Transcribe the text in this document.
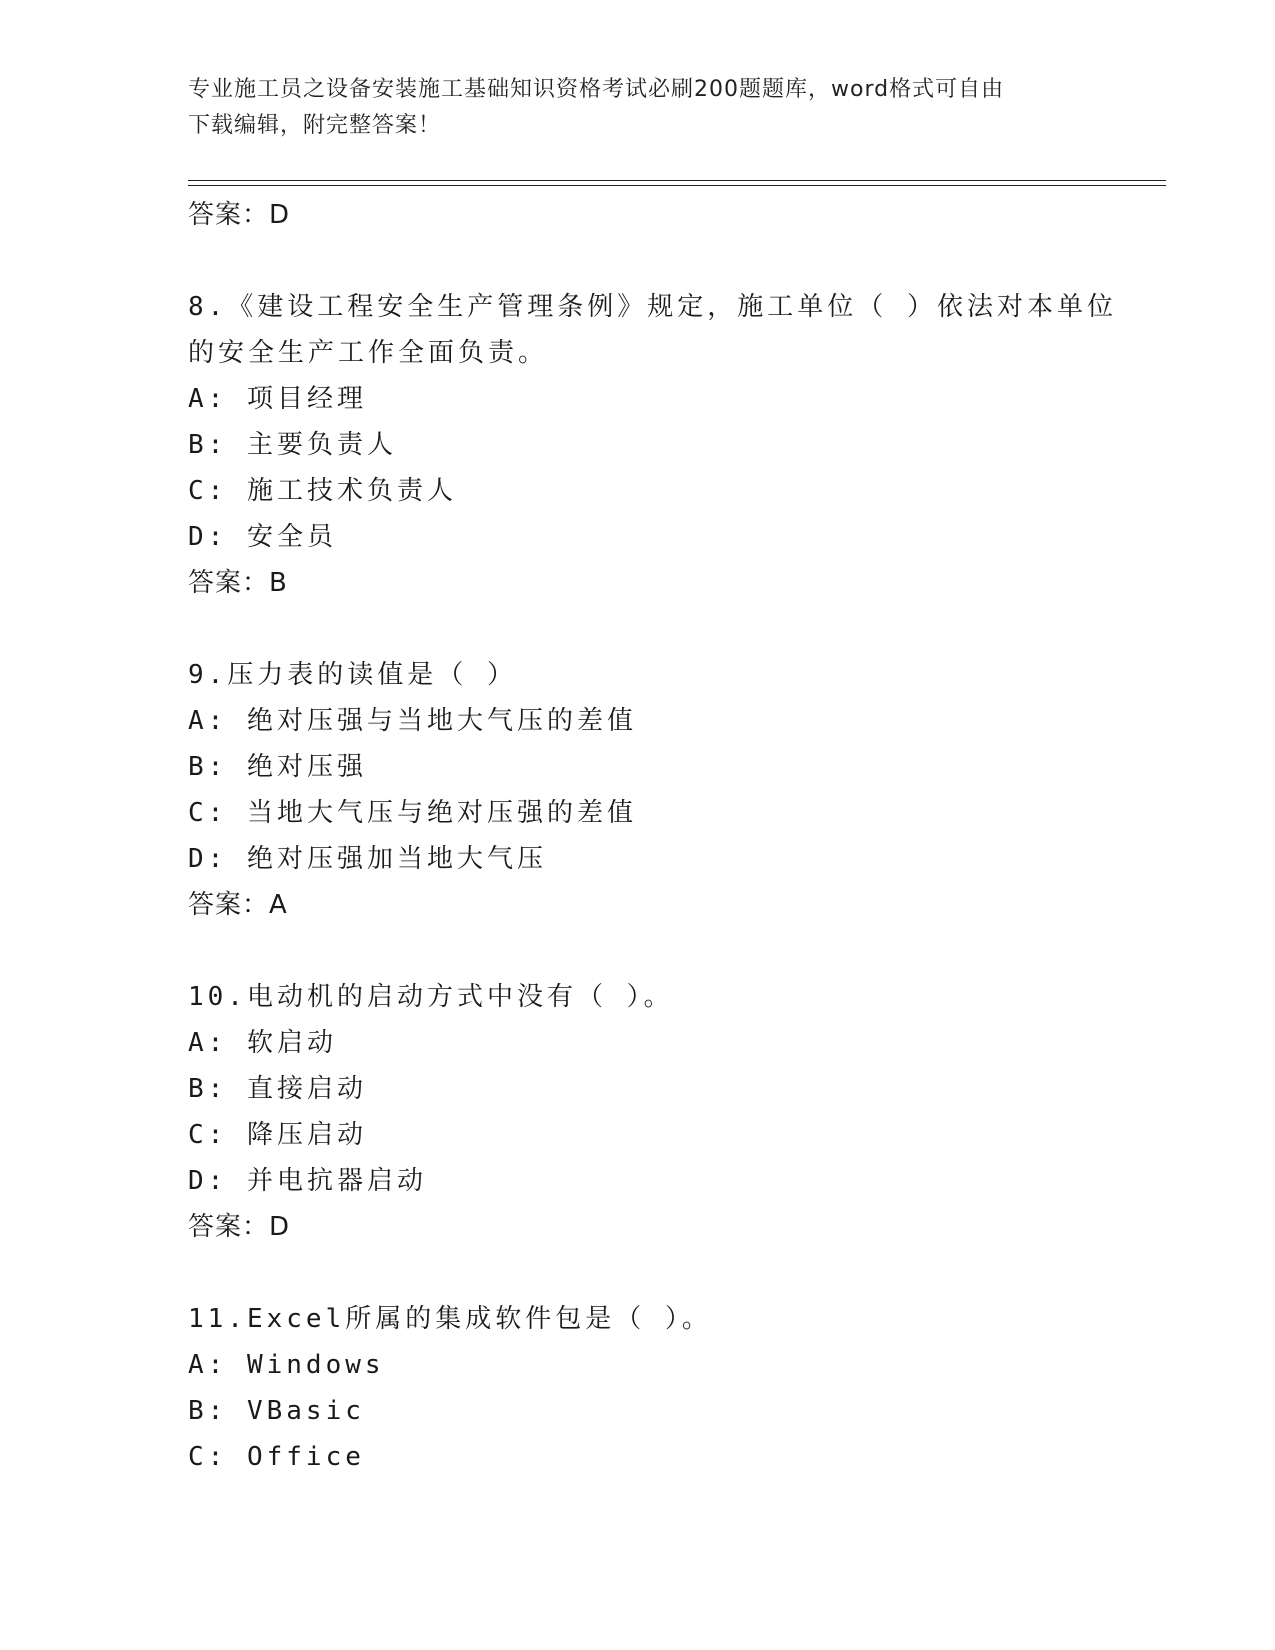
专业施工员之设备安装施工基础知识资格考试必刷200题题库，word格式可自由
下载编辑，附完整答案！
答案：D
8.《建设工程安全生产管理条例》规定，施工单位（ ）依法对本单位
的安全生产工作全面负责。
A: 项目经理
B: 主要负责人
C: 施工技术负责人
D: 安全员
答案：B
9.压力表的读值是（ ）
A: 绝对压强与当地大气压的差值
B: 绝对压强
C: 当地大气压与绝对压强的差值
D: 绝对压强加当地大气压
答案：A
10.电动机的启动方式中没有（ ）。
A: 软启动
B: 直接启动
C: 降压启动
D: 并电抗器启动
答案：D
11.Excel所属的集成软件包是（ ）。
A: Windows
B: VBasic
C: Office
